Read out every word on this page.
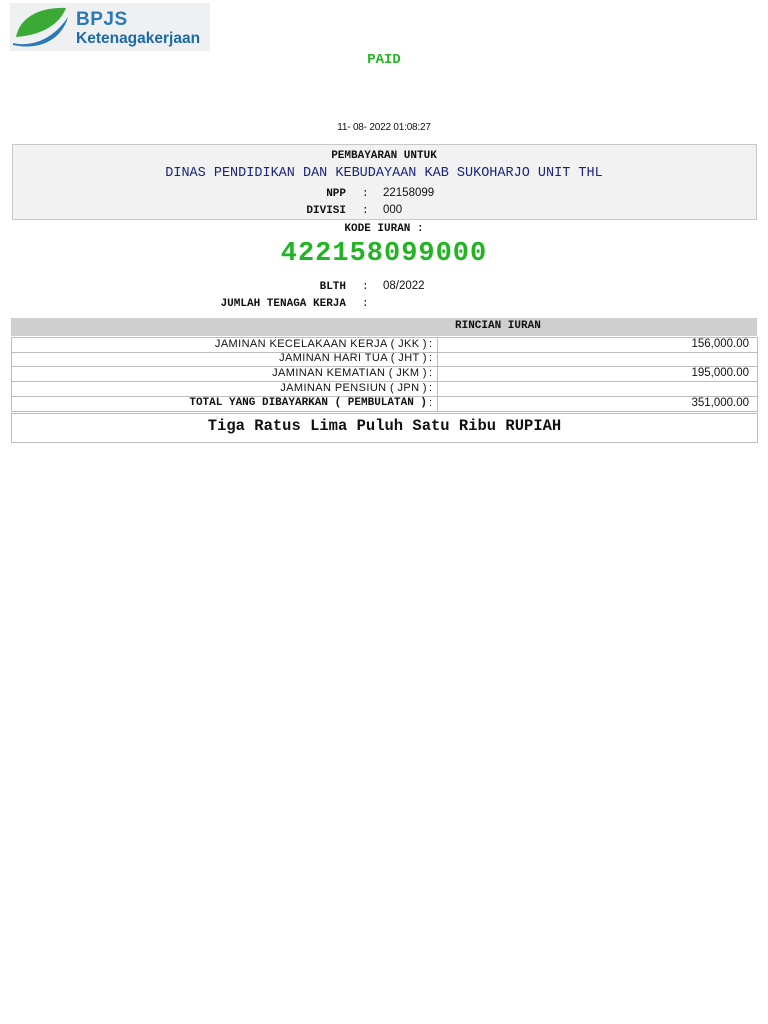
BPJS
Ketenagakerjaan
PAID
11- 08- 2022 01:08:27
PEMBAYARAN UNTUK
DINAS PENDIDIKAN DAN KEBUDAYAAN KAB SUKOHARJO UNIT THL
NPP : 22158099
DIVISI : 000
KODE IURAN :
422158099000
BLTH : 08/2022
JUMLAH TENAGA KERJA :
RINCIAN IURAN
JAMINAN KECELAKAAN KERJA ( JKK ) :	156,000.00
JAMINAN HARI TUA ( JHT ) :
JAMINAN KEMATIAN ( JKM ) :	195,000.00
JAMINAN PENSIUN ( JPN ) :
TOTAL YANG DIBAYARKAN ( PEMBULATAN ) :	351,000.00
Tiga Ratus Lima Puluh Satu Ribu RUPIAH
